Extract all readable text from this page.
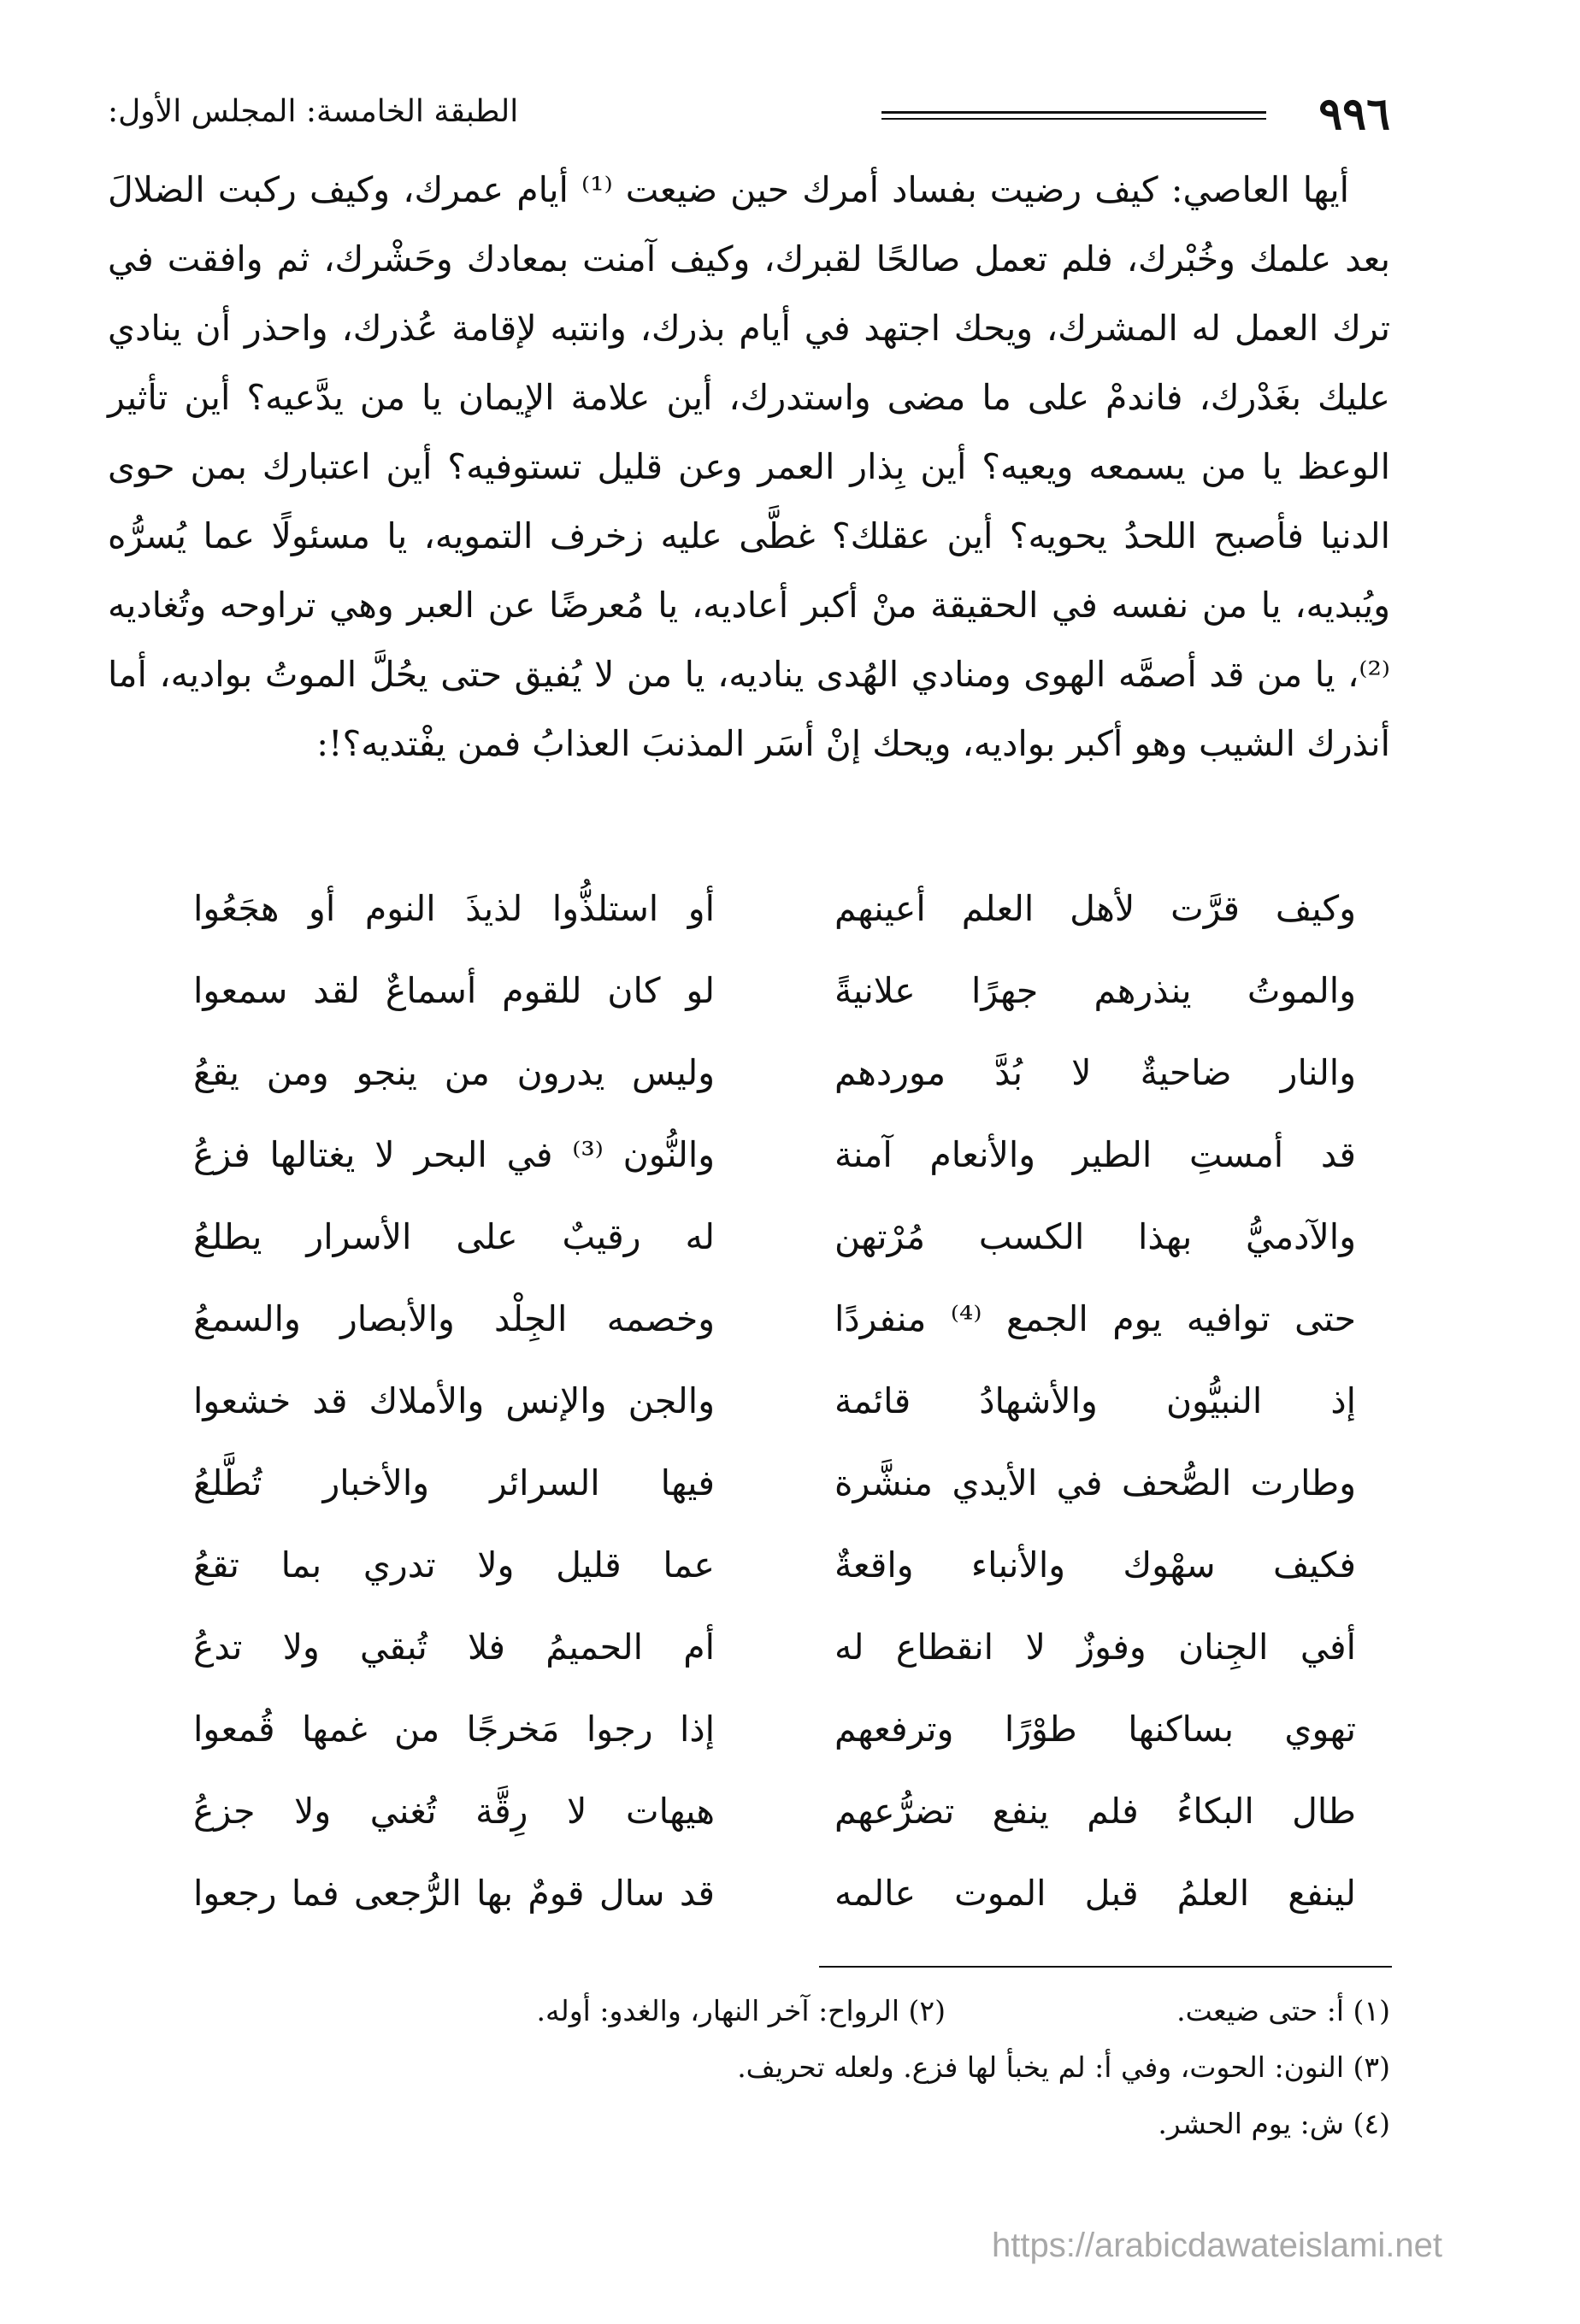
٩٩٦
الطبقة الخامسة: المجلس الأول:

أيها العاصي: كيف رضيت بفساد أمرك حين ضيعت ⁽¹⁾ أيام عمرك، وكيف ركبت الضلالَ بعد علمك وخُبْرك، فلم تعمل صالحًا لقبرك، وكيف آمنت بمعادك وحَشْرك، ثم وافقت في ترك العمل له المشرك، ويحك اجتهد في أيام بذرك، وانتبه لإقامة عُذرك، واحذر أن ينادي عليك بغَدْرك، فاندمْ على ما مضى واستدرك، أين علامة الإيمان يا من يدَّعيه؟ أين تأثير الوعظ يا من يسمعه ويعيه؟ أين بِذار العمر وعن قليل تستوفيه؟ أين اعتبارك بمن حوى الدنيا فأصبح اللحدُ يحويه؟ أين عقلك؟ غطَّى عليه زخرف التمويه، يا مسئولًا عما يُسرُّه ويُبديه، يا من نفسه في الحقيقة منْ أكبر أعاديه، يا مُعرضًا عن العبر وهي تراوحه وتُغاديه ⁽²⁾، يا من قد أصمَّه الهوى ومنادي الهُدى يناديه، يا من لا يُفيق حتى يحُلَّ الموتُ بواديه، أما أنذرك الشيب وهو أكبر بواديه، ويحك إنْ أسَر المذنبَ العذابُ فمن يفْتديه؟!:

وكيف قرَّت لأهل العلم أعينهم
أو استلذُّوا لذيذَ النوم أو هجَعُوا
والموتُ ينذرهم جهرًا علانيةً
لو كان للقوم أسماعٌ لقد سمعوا
والنار ضاحيةٌ لا بُدَّ موردهم
وليس يدرون من ينجو ومن يقعُ
قد أمستِ الطير والأنعام آمنة
والنُّون ⁽³⁾ في البحر لا يغتالها فزعُ
والآدميُّ بهذا الكسب مُرْتهن
له رقيبٌ على الأسرار يطلعُ
حتى توافيه يوم الجمع ⁽⁴⁾ منفردًا
وخصمه الجِلْد والأبصار والسمعُ
إذ النبيُّون والأشهادُ قائمة
والجن والإنس والأملاك قد خشعوا
وطارت الصُّحف في الأيدي منشَّرة
فيها السرائر والأخبار تُطَّلعُ
فكيف سهْوك والأنباء واقعةٌ
عما قليل ولا تدري بما تقعُ
أفي الجِنان وفوزٌ لا انقطاع له
أم الحميمُ فلا تُبقي ولا تدعُ
تهوي بساكنها طوْرًا وترفعهم
إذا رجوا مَخرجًا من غمها قُمعوا
طال البكاءُ فلم ينفع تضرُّعهم
هيهات لا رِقَّة تُغني ولا جزعُ
لينفع العلمُ قبل الموت عالمه
قد سال قومٌ بها الرُّجعى فما رجعوا
(١) أ: حتى ضيعت.
(٢) الرواح: آخر النهار، والغدو: أوله.
(٣) النون: الحوت، وفي أ: لم يخبأ لها فزع. ولعله تحريف.
(٤) ش: يوم الحشر.
https://arabicdawateislami.net
